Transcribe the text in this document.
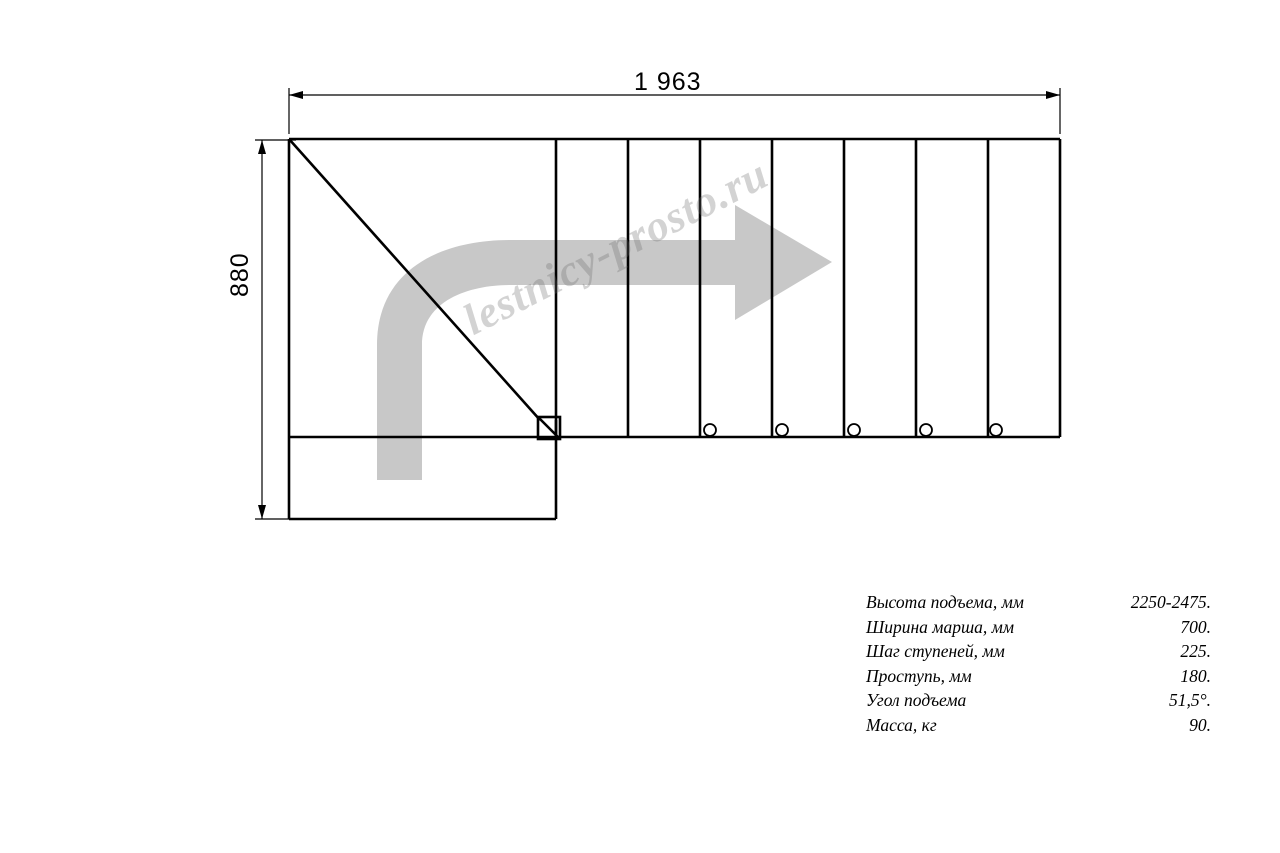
1 963
880	lestnicy-prosto.ru
Высота подъема, мм	2250-2475.
Ширина марша, мм	700.
Шаг ступеней, мм	225.
Проступь, мм	180.
Угол подъема	51,5°.
Масса, кг	90.
